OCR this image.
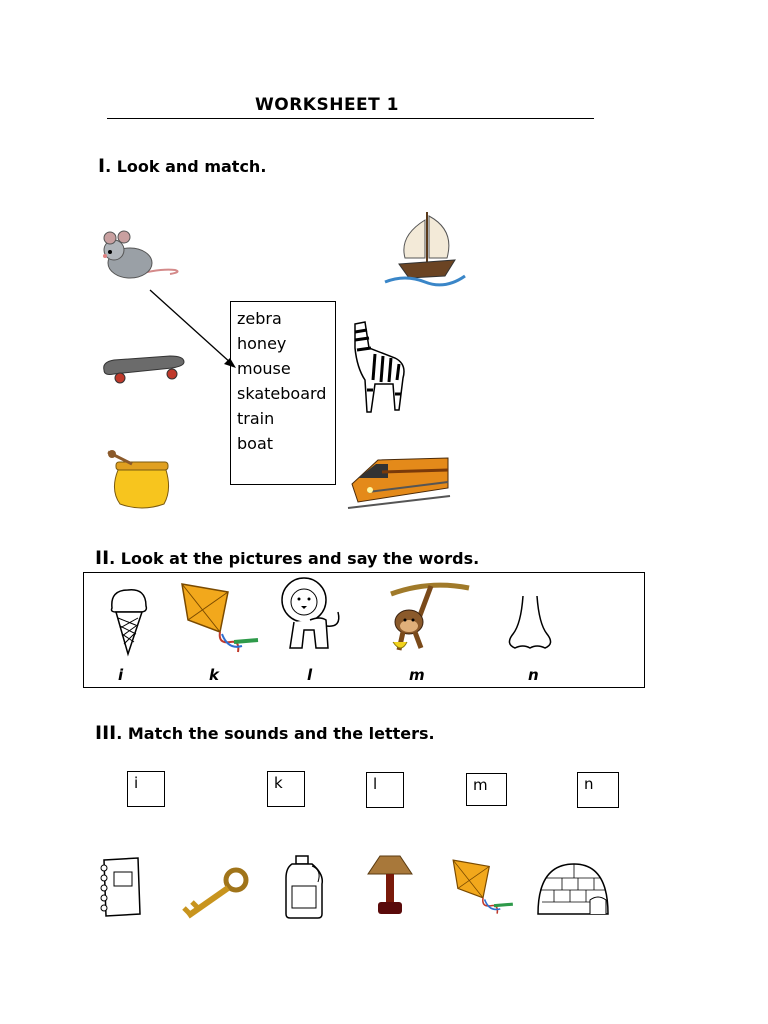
WORKSHEET 1
I. Look and match.
zebra
honey
mouse
skateboard
train
boat
II. Look at the pictures and say the words.
i	k	l	m	n
III. Match the sounds and the letters.
i	k	l	m	n
